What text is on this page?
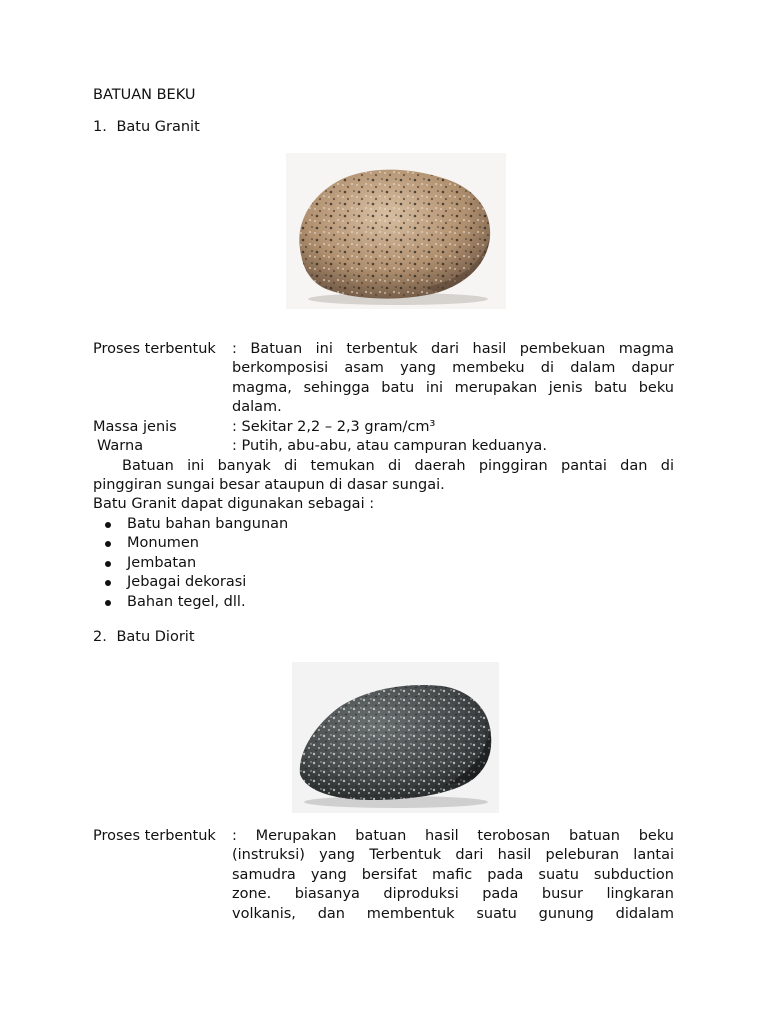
BATUAN BEKU
1. Batu Granit
Proses terbentuk : Batuan ini terbentuk dari hasil pembekuan magma
berkomposisi asam yang membeku di dalam dapur
magma, sehingga batu ini merupakan jenis batu beku
dalam.
Massa jenis	: Sekitar 2,2 – 2,3 gram/cm³
Warna	: Putih, abu-abu, atau campuran keduanya.
Batuan ini banyak di temukan di daerah pinggiran pantai dan di
pinggiran sungai besar ataupun di dasar sungai.
Batu Granit dapat digunakan sebagai :
Batu bahan bangunan
Monumen
Jembatan
Jebagai dekorasi
Bahan tegel, dll.
2. Batu Diorit
Proses terbentuk : Merupakan batuan hasil terobosan batuan beku
(instruksi) yang Terbentuk dari hasil peleburan lantai
samudra yang bersifat mafic pada suatu subduction
zone. biasanya diproduksi pada busur lingkaran
volkanis, dan membentuk suatu gunung didalam
